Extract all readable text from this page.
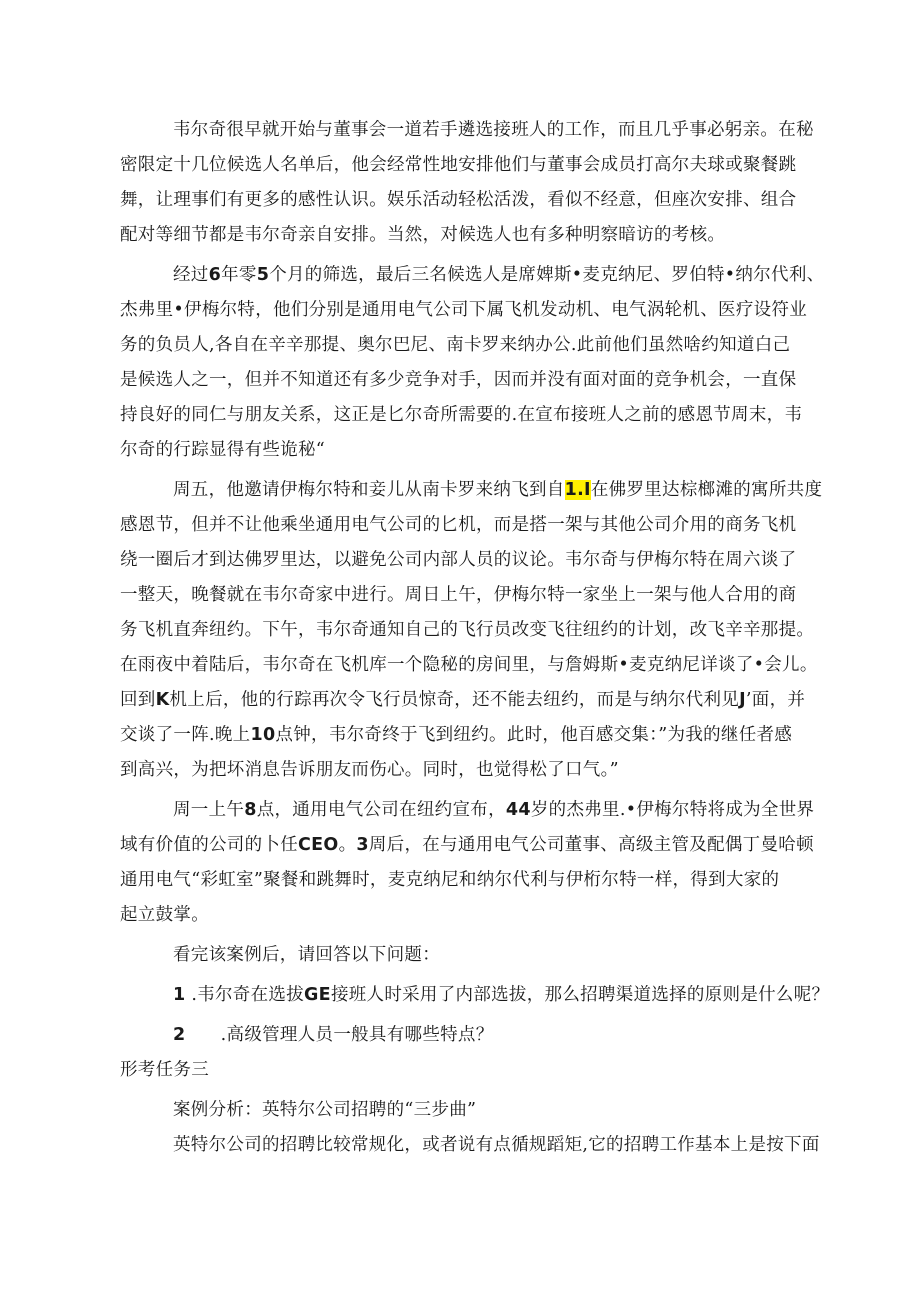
韦尔奇很早就开始与董事会一道若手遴选接班人的工作，而且几乎事必躬亲。在秘
密限定十几位候选人名单后，他会经常性地安排他们与董事会成员打高尔夫球或聚餐跳
舞，让理事们有更多的感性认识。娱乐活动轻松活泼，看似不经意，但座次安排、组合
配对等细节都是韦尔奇亲自安排。当然，对候选人也有多种明察暗访的考核。
经过6年零5个月的筛选，最后三名候选人是席婢斯•麦克纳尼、罗伯特•纳尔代利、
杰弗里•伊梅尔特，他们分别是通用电气公司下属飞机发动机、电气涡轮机、医疗设符业
务的负员人,各自在辛辛那提、奥尔巴尼、南卡罗来纳办公.此前他们虽然啥约知道白己
是候选人之一，但并不知道还有多少竞争对手，因而并没有面对面的竞争机会，一直保
持良好的同仁与朋友关系，这正是匕尔奇所需要的.在宣布接班人之前的感恩节周末，韦
尔奇的行踪显得有些诡秘“
周五，他邀请伊梅尔特和妾儿从南卡罗来纳飞到自1.I在佛罗里达棕榔滩的寓所共度
感恩节，但并不让他乘坐通用电气公司的匕机，而是搭一架与其他公司介用的商务飞机
绕一圈后才到达佛罗里达，以避免公司内部人员的议论。韦尔奇与伊梅尔特在周六谈了
一整天，晚餐就在韦尔奇家中进行。周日上午，伊梅尔特一家坐上一架与他人合用的商
务飞机直奔纽约。下午，韦尔奇通知自己的飞行员改变飞往纽约的计划，改飞辛辛那提。
在雨夜中着陆后，韦尔奇在飞机库一个隐秘的房间里，与詹姆斯•麦克纳尼详谈了•会儿。
回到K机上后，他的行踪再次令飞行员惊奇，还不能去纽约，而是与纳尔代利见J’面，并
交谈了一阵.晚上10点钟，韦尔奇终于飞到纽约。此时，他百感交集：”为我的继任者感
到高兴，为把坏消息告诉朋友而伤心。同时，也觉得松了口气。”
周一上午8点，通用电气公司在纽约宣布，44岁的杰弗里.•伊梅尔特将成为全世界
域有价值的公司的卜任CEO。3周后，在与通用电气公司董事、高级主管及配偶丁曼哈顿
通用电气“彩虹室”聚餐和跳舞时，麦克纳尼和纳尔代利与伊桁尔特一样，得到大家的
起立鼓掌。
看完该案例后，请回答以下问题：
1 .韦尔奇在选拔GE接班人时采用了内部选拔，那么招聘渠道选择的原则是什么呢？
2      .高级管理人员一般具有哪些特点？
形考任务三
案例分析：英特尔公司招聘的“三步曲”
英特尔公司的招聘比较常规化，或者说有点循规蹈矩,它的招聘工作基本上是按下面
